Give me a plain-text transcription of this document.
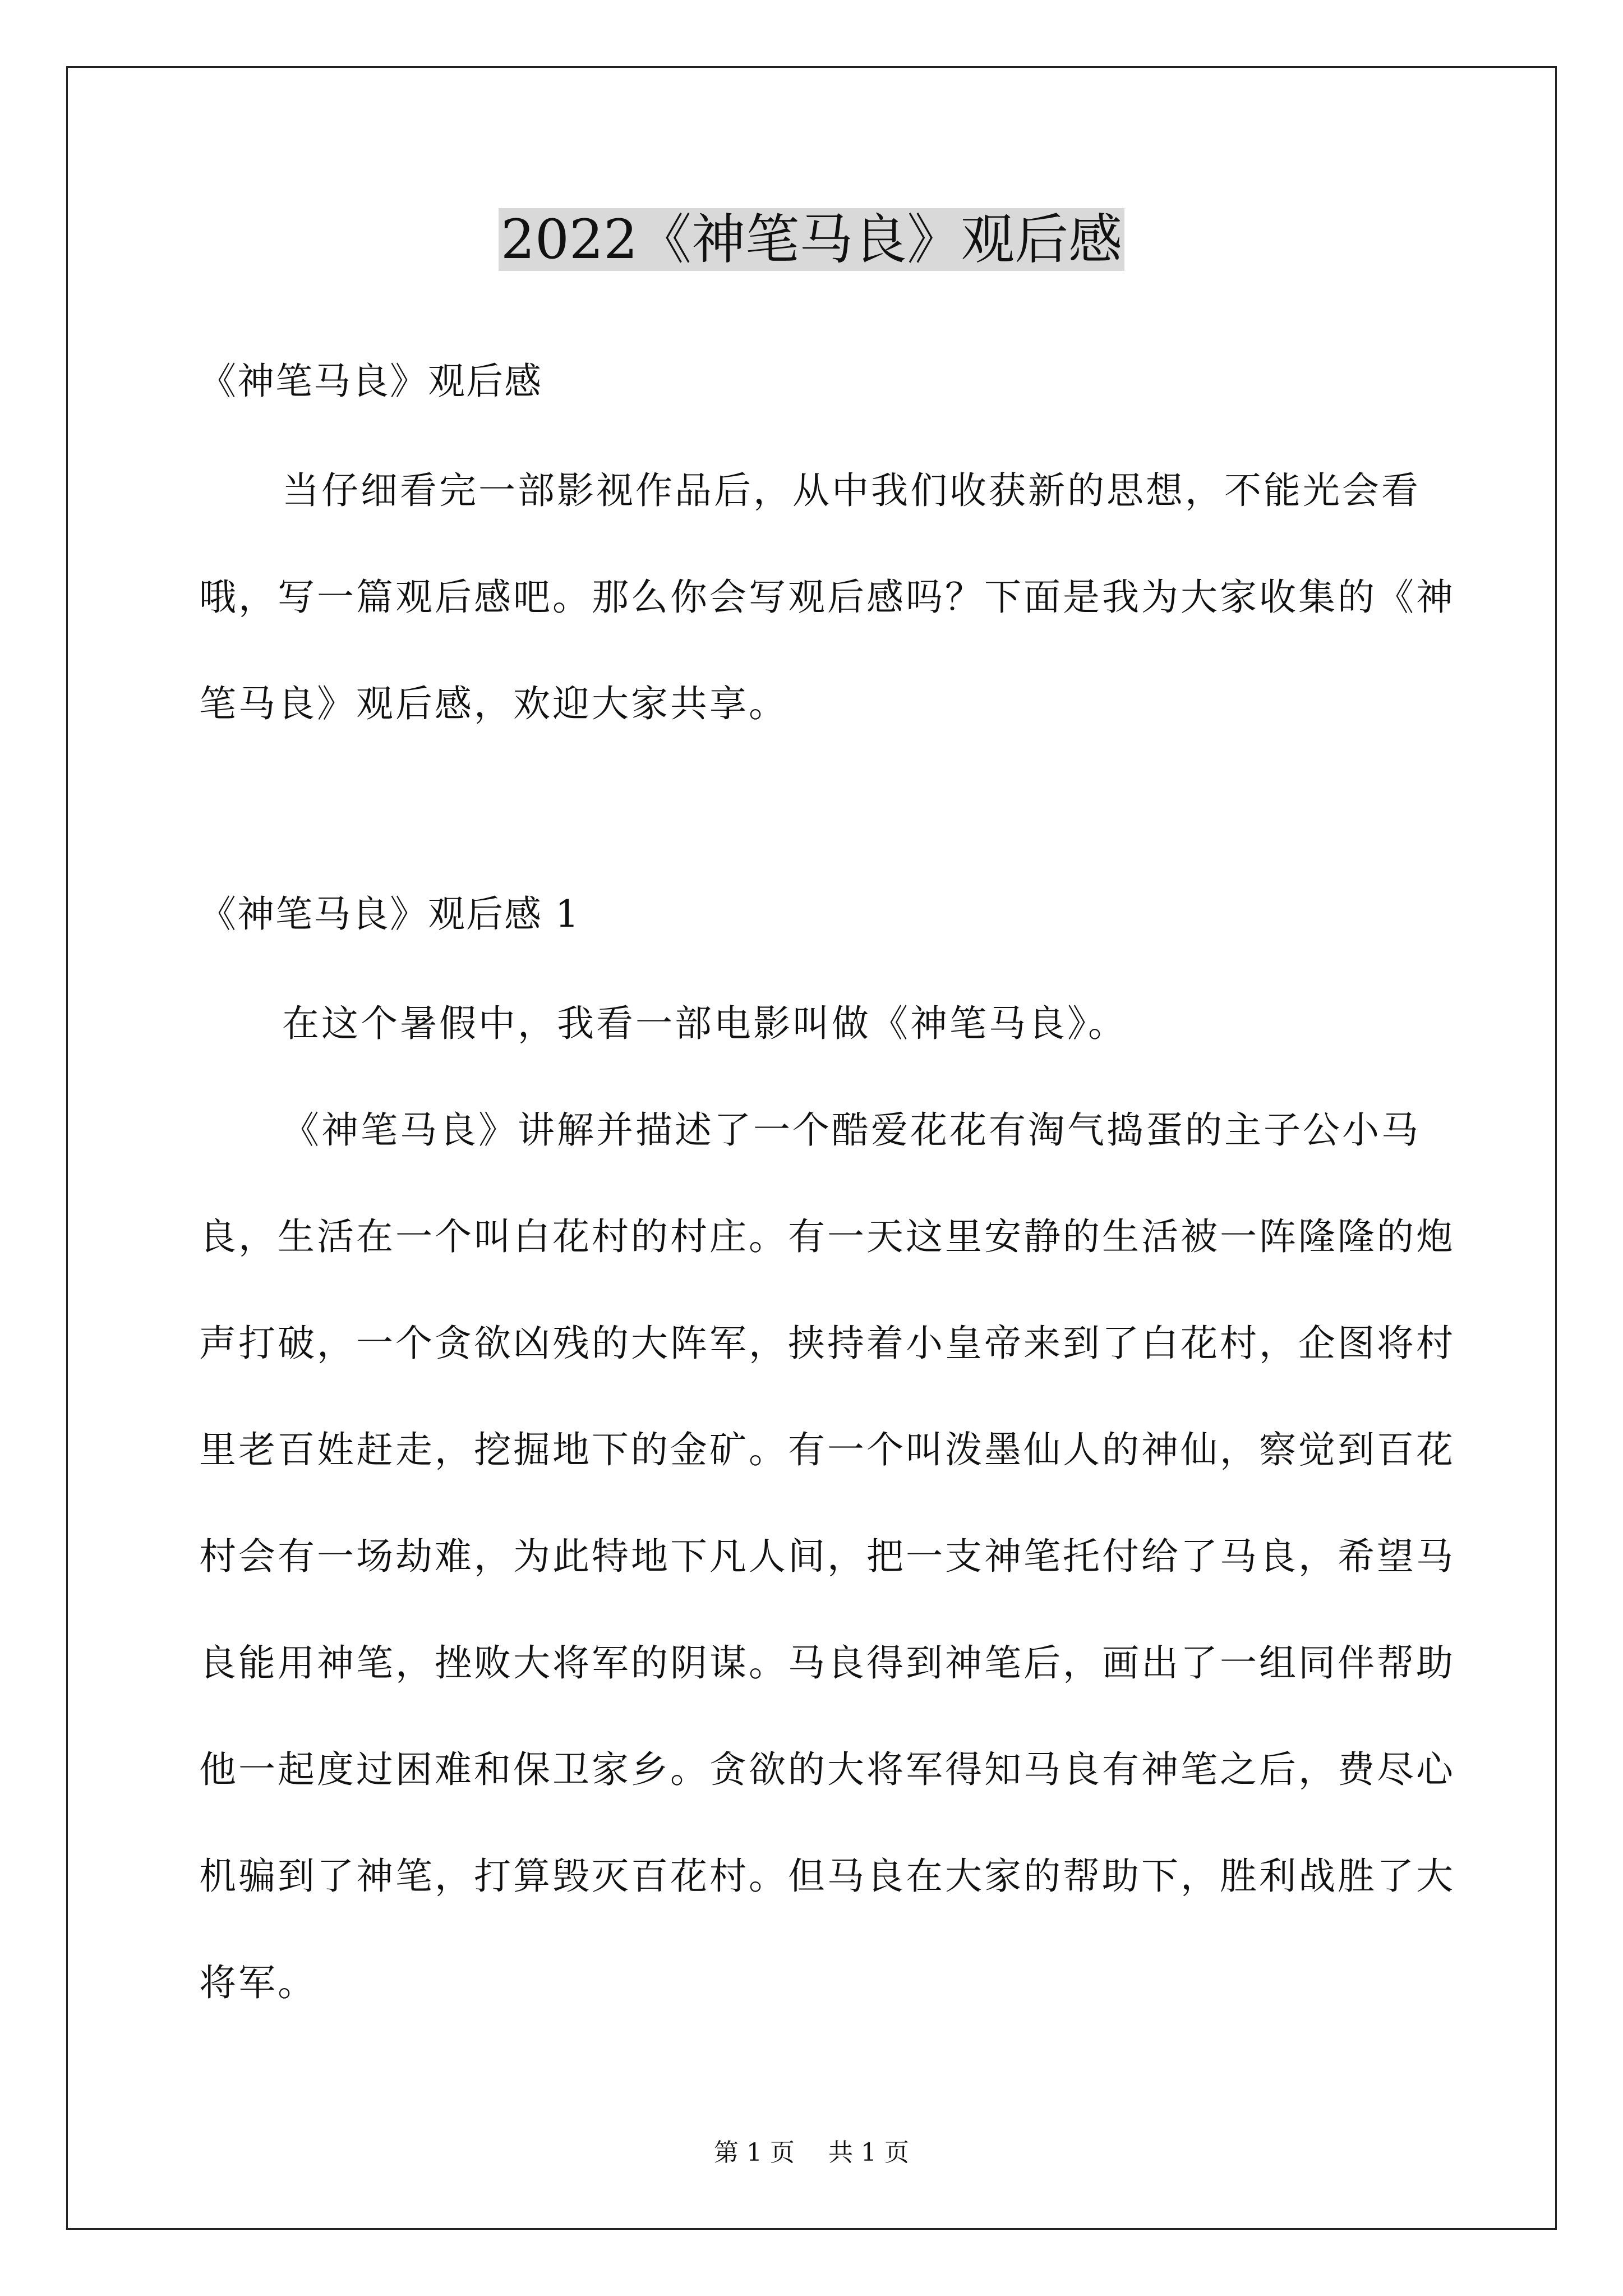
2022《神笔马良》观后感

《神笔马良》观后感

当仔细看完一部影视作品后，从中我们收获新的思想，不能光会看哦，写一篇观后感吧。那么你会写观后感吗？下面是我为大家收集的《神笔马良》观后感，欢迎大家共享。

《神笔马良》观后感 1

在这个暑假中，我看一部电影叫做《神笔马良》。

《神笔马良》讲解并描述了一个酷爱花花有淘气捣蛋的主子公小马良，生活在一个叫白花村的村庄。有一天这里安静的生活被一阵隆隆的炮声打破，一个贪欲凶残的大阵军，挟持着小皇帝来到了白花村，企图将村里老百姓赶走，挖掘地下的金矿。有一个叫泼墨仙人的神仙，察觉到百花村会有一场劫难，为此特地下凡人间，把一支神笔托付给了马良，希望马良能用神笔，挫败大将军的阴谋。马良得到神笔后，画出了一组同伴帮助他一起度过困难和保卫家乡。贪欲的大将军得知马良有神笔之后，费尽心机骗到了神笔，打算毁灭百花村。但马良在大家的帮助下，胜利战胜了大将军。

第 1 页 共 1 页
